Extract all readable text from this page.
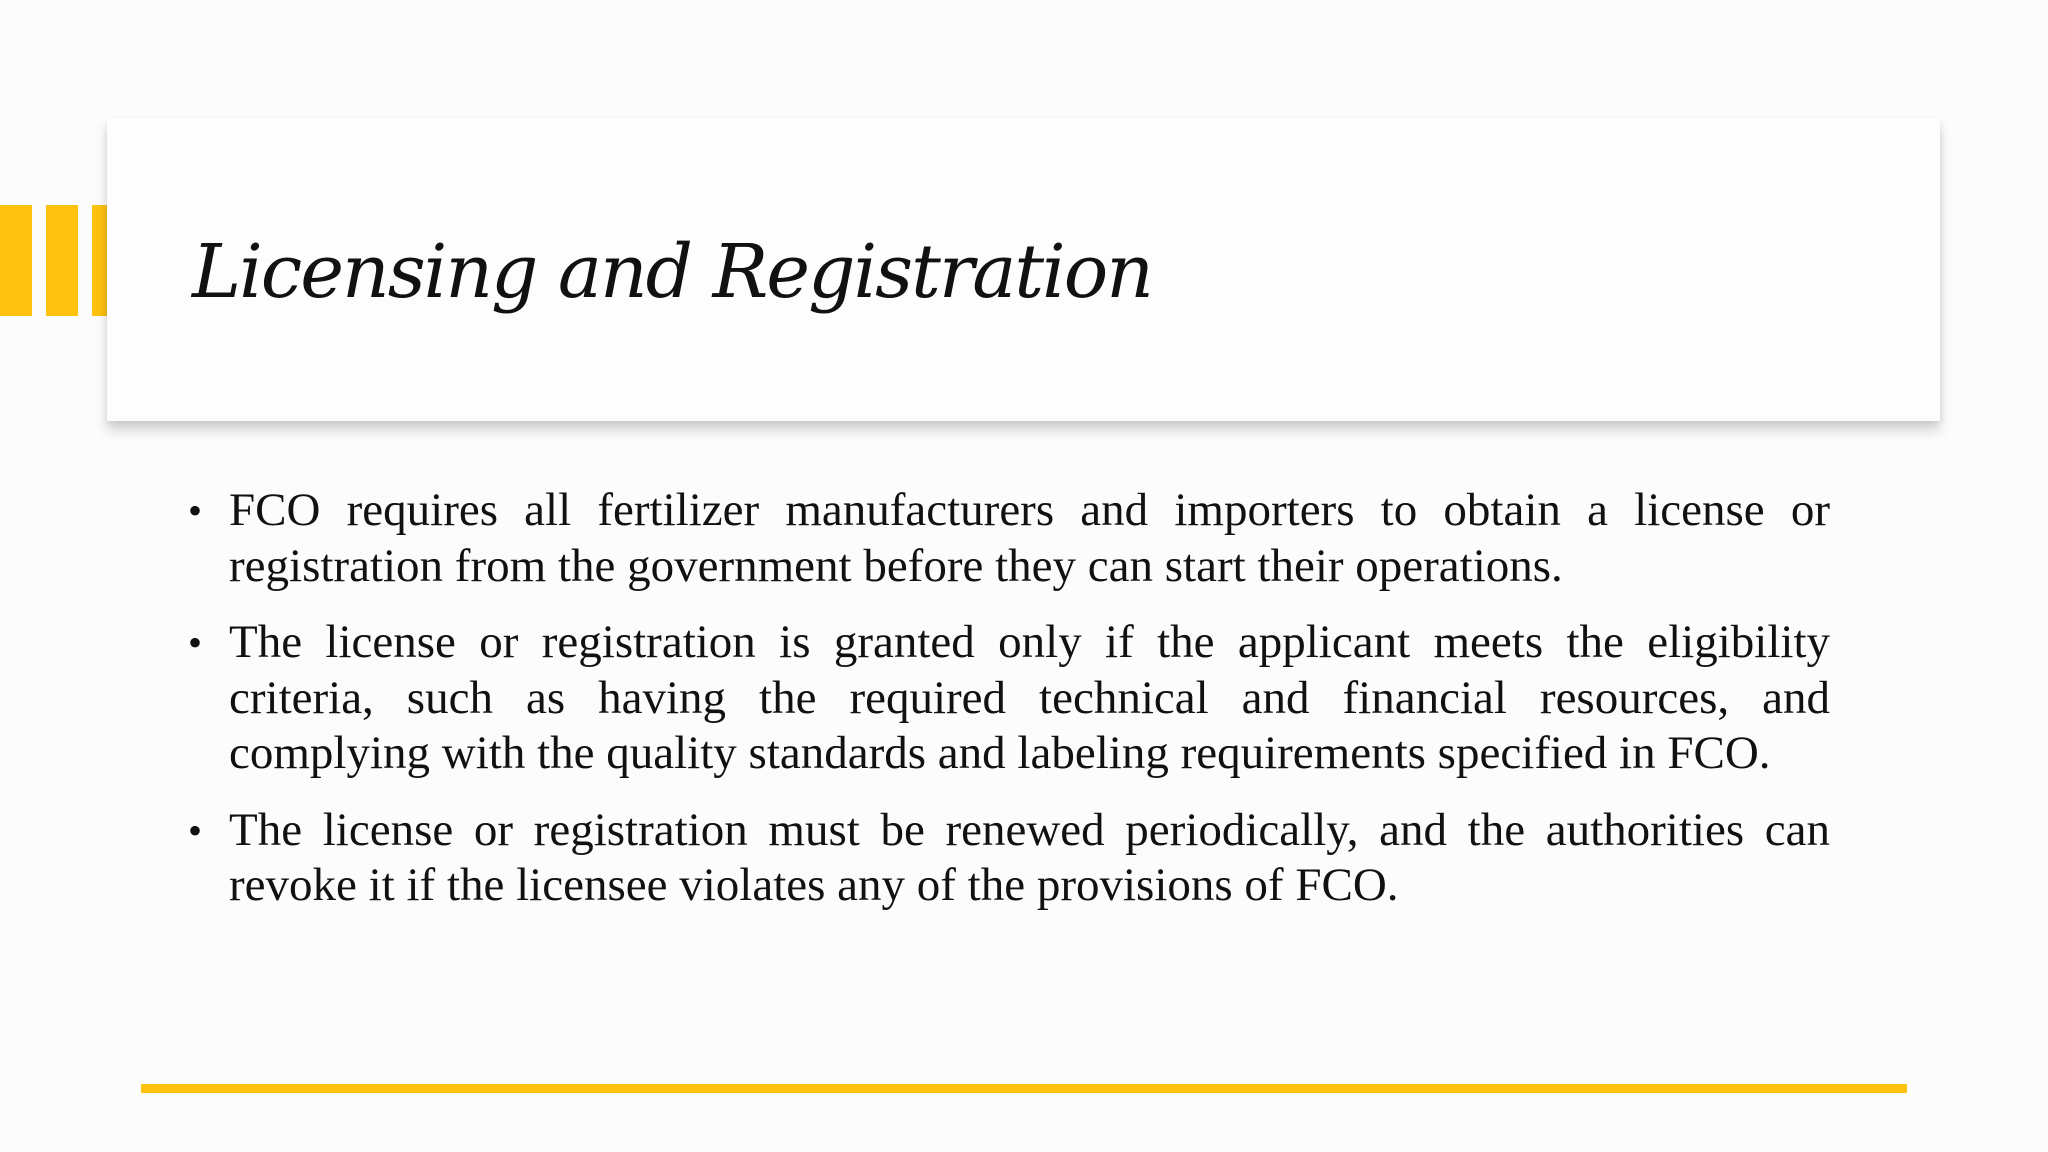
Licensing and Registration
• FCO requires all fertilizer manufacturers and importers to obtain a license or registration from the government before they can start their operations.
• The license or registration is granted only if the applicant meets the eligibility criteria, such as having the required technical and financial resources, and complying with the quality standards and labeling requirements specified in FCO.
• The license or registration must be renewed periodically, and the authorities can revoke it if the licensee violates any of the provisions of FCO.
